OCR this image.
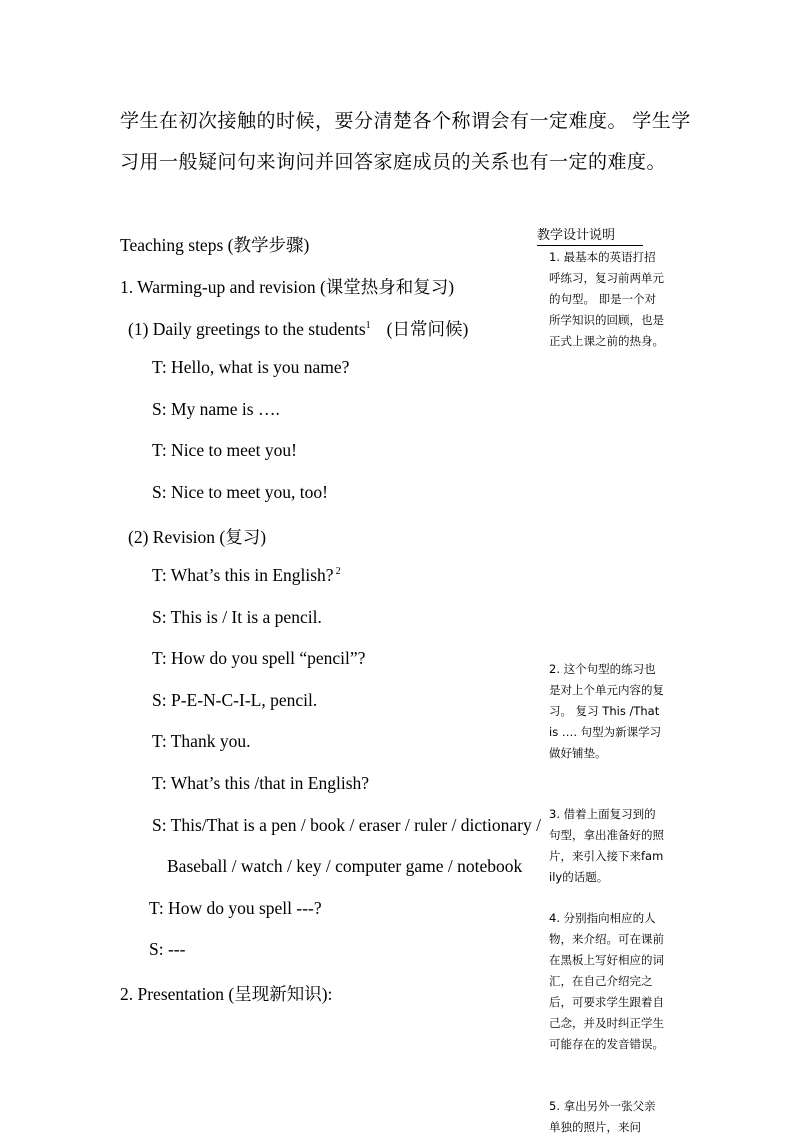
学生在初次接触的时候，要分清楚各个称谓会有一定难度。 学生学
习用一般疑问句来询问并回答家庭成员的关系也有一定的难度。
Teaching steps (教学步骤)
1. Warming-up and revision (课堂热身和复习)
(1) Daily greetings to the students$^1$ (日常问候)
T: Hello, what is you name?
S: My name is ….
T: Nice to meet you!
S: Nice to meet you, too!
(2) Revision (复习)
T: What’s this in English? $^2$
S: This is / It is a pencil.
T: How do you spell “pencil”?
S: P-E-N-C-I-L, pencil.
T: Thank you.
T: What’s this /that in English?
S: This/That is a pen / book / eraser / ruler / dictionary /
Baseball / watch / key / computer game / notebook
T: How do you spell ---?
S: ---
2. Presentation (呈现新知识):
教学设计说明
1. 最基本的英语打招呼练习，复习前两单元的句型。 即是一个对所学知识的回顾，也是正式上课之前的热身。
2. 这个句型的练习也是对上个单元内容的复习。 复习 This /That is …. 句型为新课学习做好铺垫。
3. 借着上面复习到的句型，拿出准备好的照片，来引入接下来family的话题。
4. 分别指向相应的人物，来介绍。可在课前在黑板上写好相应的词汇，在自己介绍完之后，可要求学生跟着自己念，并及时纠正学生可能存在的发音错误。
5. 拿出另外一张父亲单独的照片，来问
